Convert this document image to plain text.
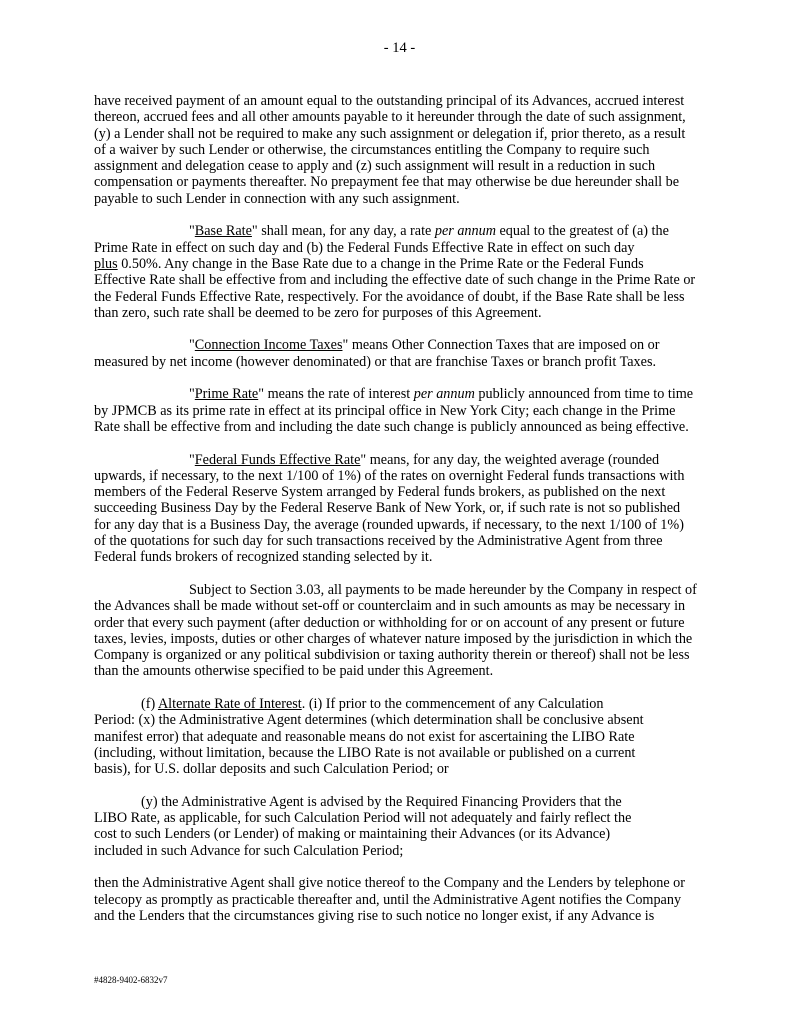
- 14 -
have received payment of an amount equal to the outstanding principal of its Advances, accrued interest
thereon, accrued fees and all other amounts payable to it hereunder through the date of such assignment,
(y) a Lender shall not be required to make any such assignment or delegation if, prior thereto, as a result
of a waiver by such Lender or otherwise, the circumstances entitling the Company to require such
assignment and delegation cease to apply and (z) such assignment will result in a reduction in such
compensation or payments thereafter. No prepayment fee that may otherwise be due hereunder shall be
payable to such Lender in connection with any such assignment.
"Base Rate" shall mean, for any day, a rate per annum equal to the greatest of (a) the
Prime Rate in effect on such day and (b) the Federal Funds Effective Rate in effect on such day
plus 0.50%. Any change in the Base Rate due to a change in the Prime Rate or the Federal Funds
Effective Rate shall be effective from and including the effective date of such change in the Prime Rate or
the Federal Funds Effective Rate, respectively. For the avoidance of doubt, if the Base Rate shall be less
than zero, such rate shall be deemed to be zero for purposes of this Agreement.
"Connection Income Taxes" means Other Connection Taxes that are imposed on or
measured by net income (however denominated) or that are franchise Taxes or branch profit Taxes.
"Prime Rate" means the rate of interest per annum publicly announced from time to time
by JPMCB as its prime rate in effect at its principal office in New York City; each change in the Prime
Rate shall be effective from and including the date such change is publicly announced as being effective.
"Federal Funds Effective Rate" means, for any day, the weighted average (rounded
upwards, if necessary, to the next 1/100 of 1%) of the rates on overnight Federal funds transactions with
members of the Federal Reserve System arranged by Federal funds brokers, as published on the next
succeeding Business Day by the Federal Reserve Bank of New York, or, if such rate is not so published
for any day that is a Business Day, the average (rounded upwards, if necessary, to the next 1/100 of 1%)
of the quotations for such day for such transactions received by the Administrative Agent from three
Federal funds brokers of recognized standing selected by it.
Subject to Section 3.03, all payments to be made hereunder by the Company in respect of
the Advances shall be made without set-off or counterclaim and in such amounts as may be necessary in
order that every such payment (after deduction or withholding for or on account of any present or future
taxes, levies, imposts, duties or other charges of whatever nature imposed by the jurisdiction in which the
Company is organized or any political subdivision or taxing authority therein or thereof) shall not be less
than the amounts otherwise specified to be paid under this Agreement.
(f) Alternate Rate of Interest. (i) If prior to the commencement of any Calculation
Period: (x) the Administrative Agent determines (which determination shall be conclusive absent
manifest error) that adequate and reasonable means do not exist for ascertaining the LIBO Rate
(including, without limitation, because the LIBO Rate is not available or published on a current
basis), for U.S. dollar deposits and such Calculation Period; or
(y) the Administrative Agent is advised by the Required Financing Providers that the
LIBO Rate, as applicable, for such Calculation Period will not adequately and fairly reflect the
cost to such Lenders (or Lender) of making or maintaining their Advances (or its Advance)
included in such Advance for such Calculation Period;
then the Administrative Agent shall give notice thereof to the Company and the Lenders by telephone or
telecopy as promptly as practicable thereafter and, until the Administrative Agent notifies the Company
and the Lenders that the circumstances giving rise to such notice no longer exist, if any Advance is
#4828-9402-6832v7
